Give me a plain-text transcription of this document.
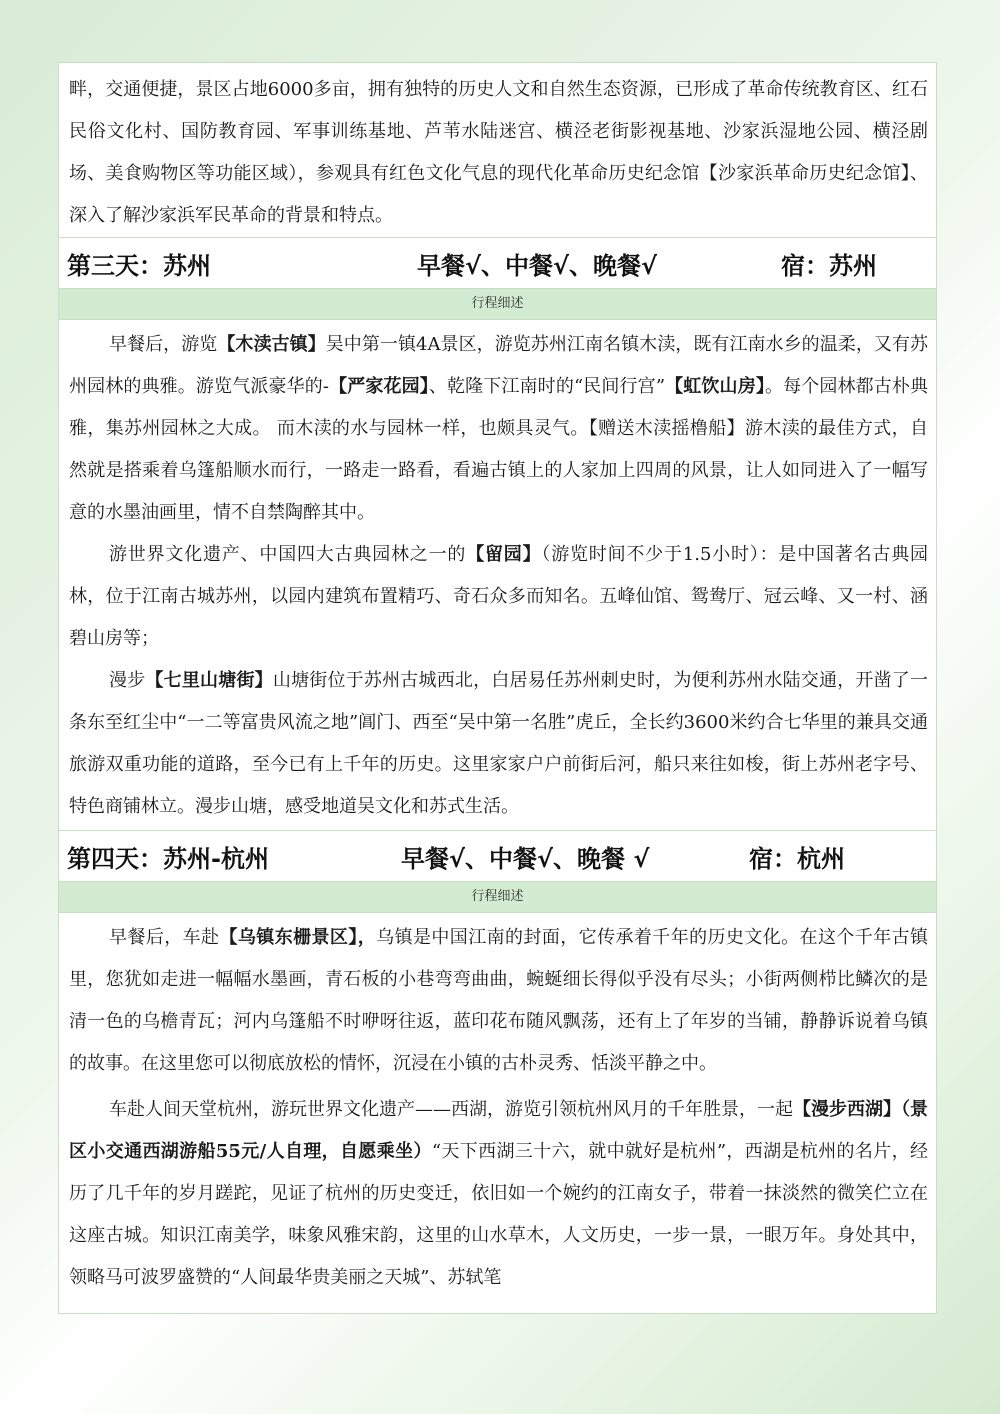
畔，交通便捷，景区占地6000多亩，拥有独特的历史人文和自然生态资源，已形成了革命传统教育区、红石民俗文化村、国防教育园、军事训练基地、芦苇水陆迷宫、横泾老街影视基地、沙家浜湿地公园、横泾剧场、美食购物区等功能区域），参观具有红色文化气息的现代化革命历史纪念馆【沙家浜革命历史纪念馆】、深入了解沙家浜军民革命的背景和特点。

第三天：苏州	早餐√、中餐√、晚餐√	宿：苏州
行程细述

早餐后，游览【木渎古镇】吴中第一镇4A景区，游览苏州江南名镇木渎，既有江南水乡的温柔，又有苏州园林的典雅。游览气派豪华的-【严家花园】、乾隆下江南时的“民间行宫”【虹饮山房】。每个园林都古朴典雅，集苏州园林之大成。 而木渎的水与园林一样，也颇具灵气。【赠送木渎摇橹船】游木渎的最佳方式，自然就是搭乘着乌篷船顺水而行，一路走一路看，看遍古镇上的人家加上四周的风景，让人如同进入了一幅写意的水墨油画里，情不自禁陶醉其中。

游世界文化遗产、中国四大古典园林之一的【留园】（游览时间不少于1.5小时）：是中国著名古典园林，位于江南古城苏州，以园内建筑布置精巧、奇石众多而知名。五峰仙馆、鸳鸯厅、冠云峰、又一村、涵碧山房等；

漫步【七里山塘街】山塘街位于苏州古城西北，白居易任苏州刺史时，为便利苏州水陆交通，开凿了一条东至红尘中“一二等富贵风流之地”阊门、西至“吴中第一名胜”虎丘，全长约3600米约合七华里的兼具交通旅游双重功能的道路，至今已有上千年的历史。这里家家户户前街后河，船只来往如梭，街上苏州老字号、特色商铺林立。漫步山塘，感受地道吴文化和苏式生活。

第四天：苏州-杭州	早餐√、中餐√、晚餐 √	宿：杭州
行程细述

早餐后，车赴【乌镇东栅景区】，乌镇是中国江南的封面，它传承着千年的历史文化。在这个千年古镇里，您犹如走进一幅幅水墨画，青石板的小巷弯弯曲曲，蜿蜒细长得似乎没有尽头；小街两侧栉比鳞次的是清一色的乌檐青瓦；河内乌篷船不时咿呀往返，蓝印花布随风飘荡，还有上了年岁的当铺，静静诉说着乌镇的故事。在这里您可以彻底放松的情怀，沉浸在小镇的古朴灵秀、恬淡平静之中。

车赴人间天堂杭州，游玩世界文化遗产——西湖，游览引领杭州风月的千年胜景，一起【漫步西湖】（景区小交通西湖游船55元/人自理，自愿乘坐）“天下西湖三十六，就中就好是杭州”，西湖是杭州的名片，经历了几千年的岁月蹉跎，见证了杭州的历史变迁，依旧如一个婉约的江南女子，带着一抹淡然的微笑伫立在这座古城。知识江南美学，味象风雅宋韵，这里的山水草木，人文历史，一步一景，一眼万年。身处其中，领略马可波罗盛赞的“人间最华贵美丽之天城”、苏轼笔
